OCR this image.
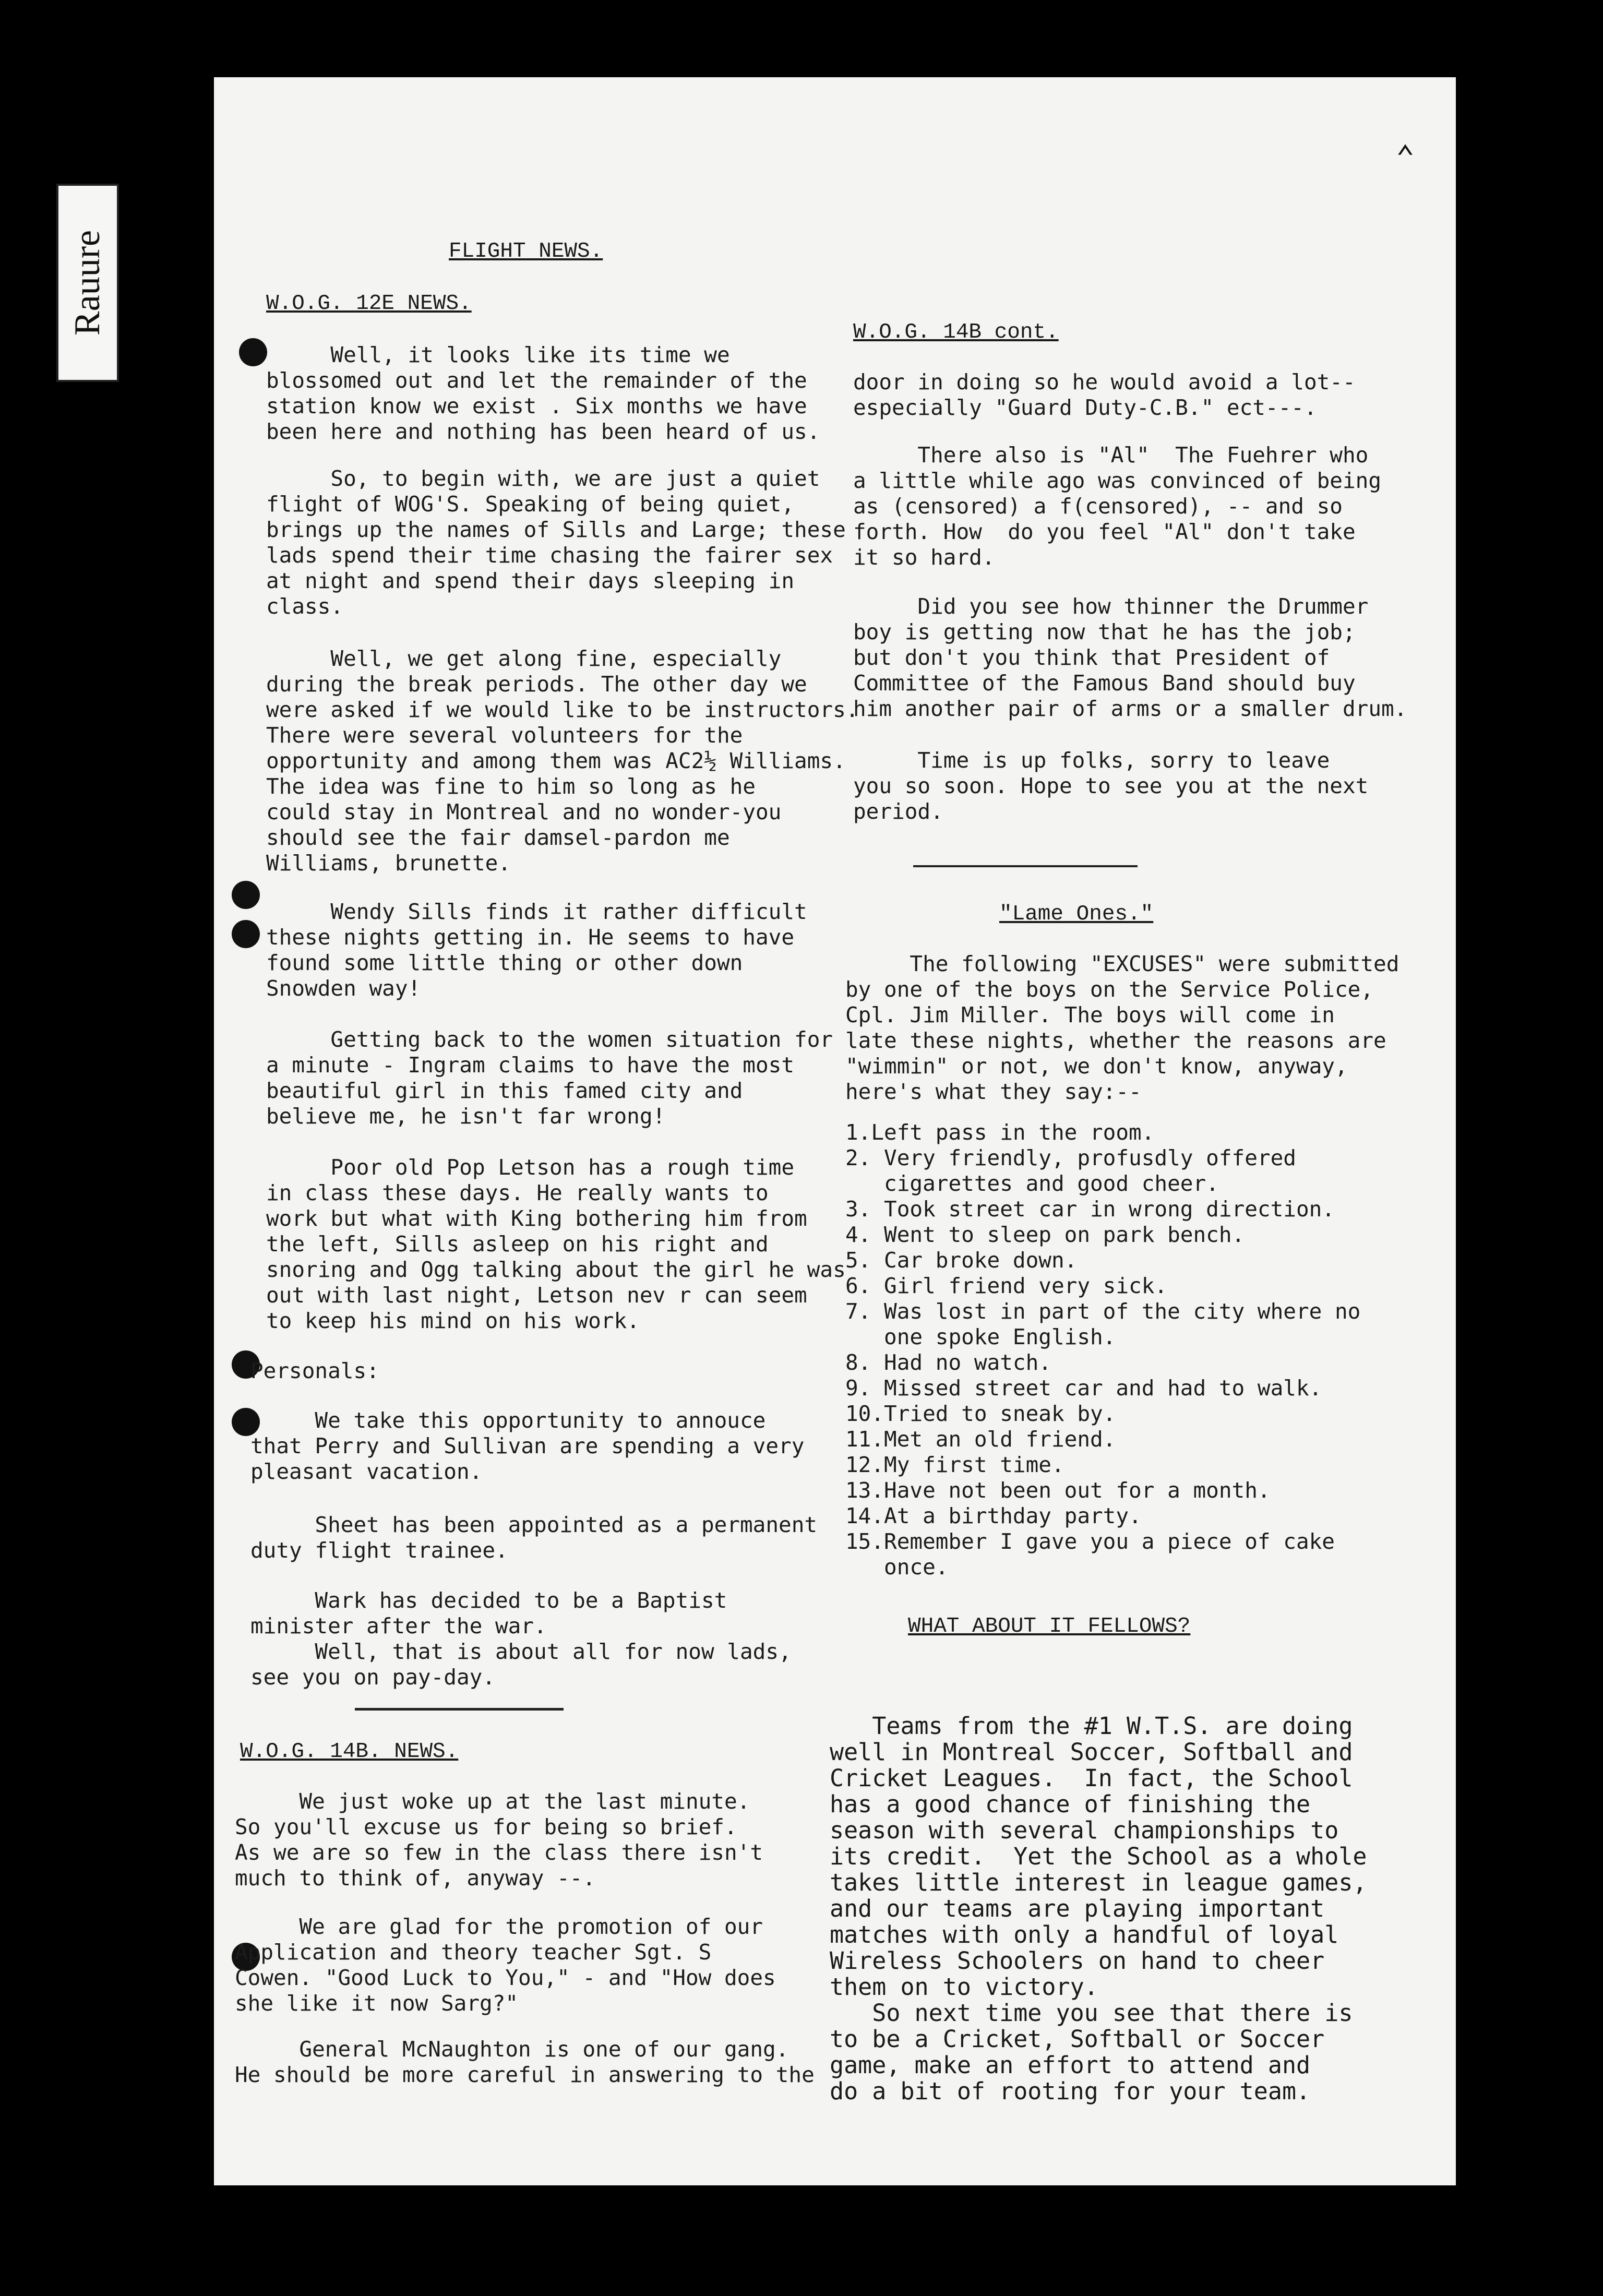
Rauure
⌃
FLIGHT NEWS.
W.O.G. 12E NEWS.
Well, it looks like its time we
blossomed out and let the remainder of the
station know we exist . Six months we have
been here and nothing has been heard of us.
So, to begin with, we are just a quiet
flight of WOG'S. Speaking of being quiet,
brings up the names of Sills and Large; these
lads spend their time chasing the fairer sex
at night and spend their days sleeping in
class.
Well, we get along fine, especially
during the break periods. The other day we
were asked if we would like to be instructors.
There were several volunteers for the
opportunity and among them was AC2½ Williams.
The idea was fine to him so long as he
could stay in Montreal and no wonder-you
should see the fair damsel-pardon me
Williams, brunette.
Wendy Sills finds it rather difficult
these nights getting in. He seems to have
found some little thing or other down
Snowden way!
Getting back to the women situation for
a minute - Ingram claims to have the most
beautiful girl in this famed city and
believe me, he isn't far wrong!
Poor old Pop Letson has a rough time
in class these days. He really wants to
work but what with King bothering him from
the left, Sills asleep on his right and
snoring and Ogg talking about the girl he was
out with last night, Letson nev r can seem
to keep his mind on his work.
Personals:
We take this opportunity to annouce
that Perry and Sullivan are spending a very
pleasant vacation.
Sheet has been appointed as a permanent
duty flight trainee.
Wark has decided to be a Baptist
minister after the war.
Well, that is about all for now lads,
see you on pay-day.
W.O.G. 14B. NEWS.
We just woke up at the last minute.
So you'll excuse us for being so brief.
As we are so few in the class there isn't
much to think of, anyway --.
We are glad for the promotion of our
Application and theory teacher Sgt. S
Cowen. "Good Luck to You," - and "How does
she like it now Sarg?"
General McNaughton is one of our gang.
He should be more careful in answering to the
W.O.G. 14B cont.
door in doing so he would avoid a lot--
especially "Guard Duty-C.B." ect---.
There also is "Al"  The Fuehrer who
a little while ago was convinced of being
as (censored) a f(censored), -- and so
forth. How  do you feel "Al" don't take
it so hard.
Did you see how thinner the Drummer
boy is getting now that he has the job;
but don't you think that President of
Committee of the Famous Band should buy
him another pair of arms or a smaller drum.
Time is up folks, sorry to leave
you so soon. Hope to see you at the next
period.
"Lame Ones."
The following "EXCUSES" were submitted
by one of the boys on the Service Police,
Cpl. Jim Miller. The boys will come in
late these nights, whether the reasons are
"wimmin" or not, we don't know, anyway,
here's what they say:--
1.Left pass in the room.
2. Very friendly, profusdly offered
cigarettes and good cheer.
3. Took street car in wrong direction.
4. Went to sleep on park bench.
5. Car broke down.
6. Girl friend very sick.
7. Was lost in part of the city where no
one spoke English.
8. Had no watch.
9. Missed street car and had to walk.
10.Tried to sneak by.
11.Met an old friend.
12.My first time.
13.Have not been out for a month.
14.At a birthday party.
15.Remember I gave you a piece of cake
once.
WHAT ABOUT IT FELLOWS?
Teams from the #1 W.T.S. are doing
well in Montreal Soccer, Softball and
Cricket Leagues.  In fact, the School
has a good chance of finishing the
season with several championships to
its credit.  Yet the School as a whole
takes little interest in league games,
and our teams are playing important
matches with only a handful of loyal
Wireless Schoolers on hand to cheer
them on to victory.
So next time you see that there is
to be a Cricket, Softball or Soccer
game, make an effort to attend and
do a bit of rooting for your team.
